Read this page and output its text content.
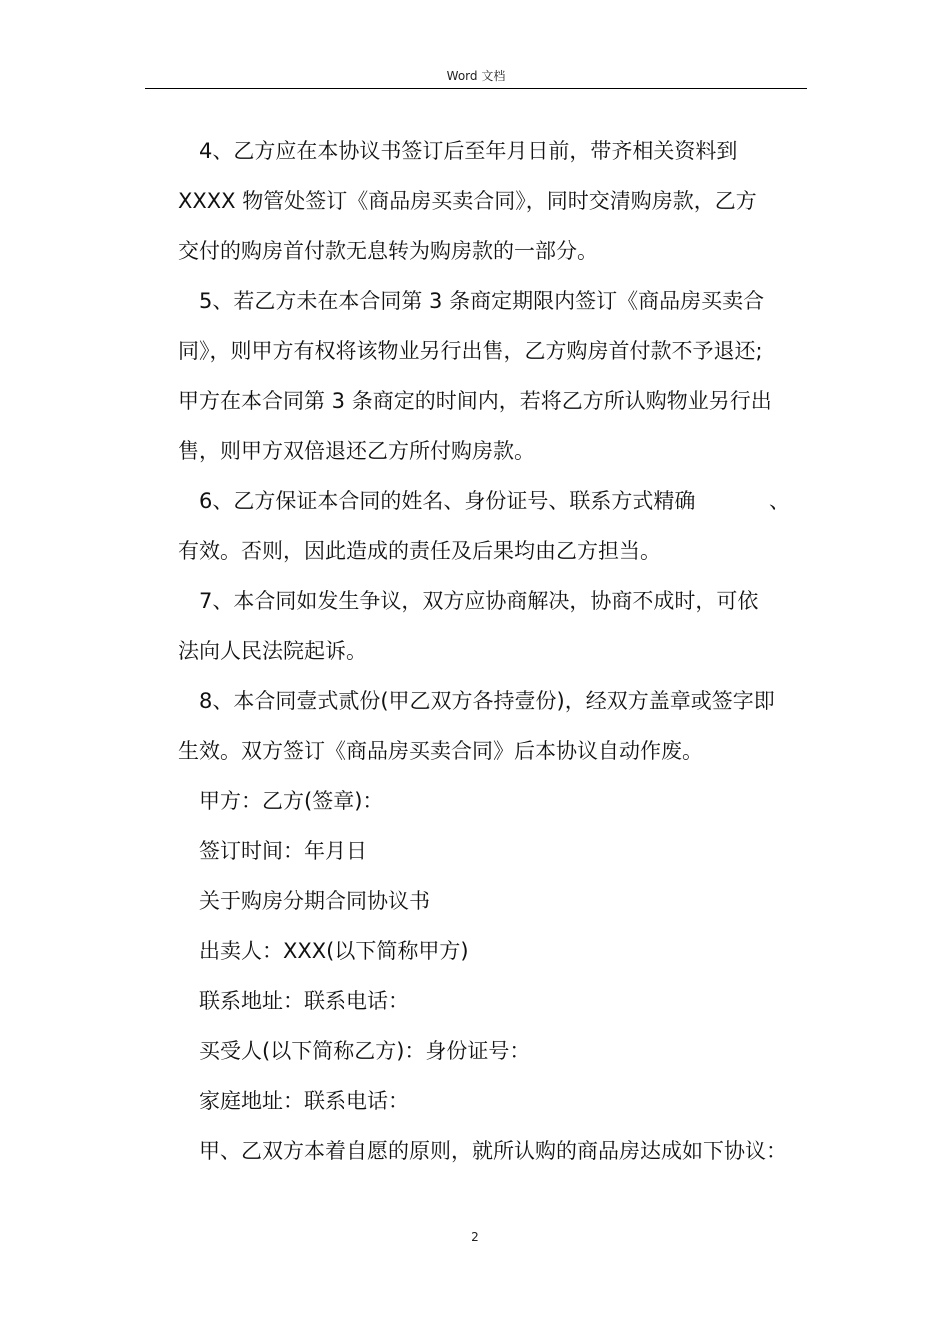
Word 文档

4、乙方应在本协议书签订后至年月日前，带齐相关资料到
XXXX 物管处签订《商品房买卖合同》，同时交清购房款，乙方
交付的购房首付款无息转为购房款的一部分。

5、若乙方未在本合同第 3 条商定期限内签订《商品房买卖合
同》，则甲方有权将该物业另行出售，乙方购房首付款不予退还;
甲方在本合同第 3 条商定的时间内，若将乙方所认购物业另行出
售，则甲方双倍退还乙方所付购房款。

6、乙方保证本合同的姓名、身份证号、联系方式精确	、
有效。否则，因此造成的责任及后果均由乙方担当。

7、本合同如发生争议，双方应协商解决，协商不成时，可依
法向人民法院起诉。

8、本合同壹式贰份(甲乙双方各持壹份)，经双方盖章或签字即
生效。双方签订《商品房买卖合同》后本协议自动作废。

甲方：乙方(签章)：

签订时间：年月日

关于购房分期合同协议书

出卖人：XXX(以下简称甲方)

联系地址：联系电话：

买受人(以下简称乙方)：身份证号：

家庭地址：联系电话：

甲、乙双方本着自愿的原则，就所认购的商品房达成如下协议：

2
